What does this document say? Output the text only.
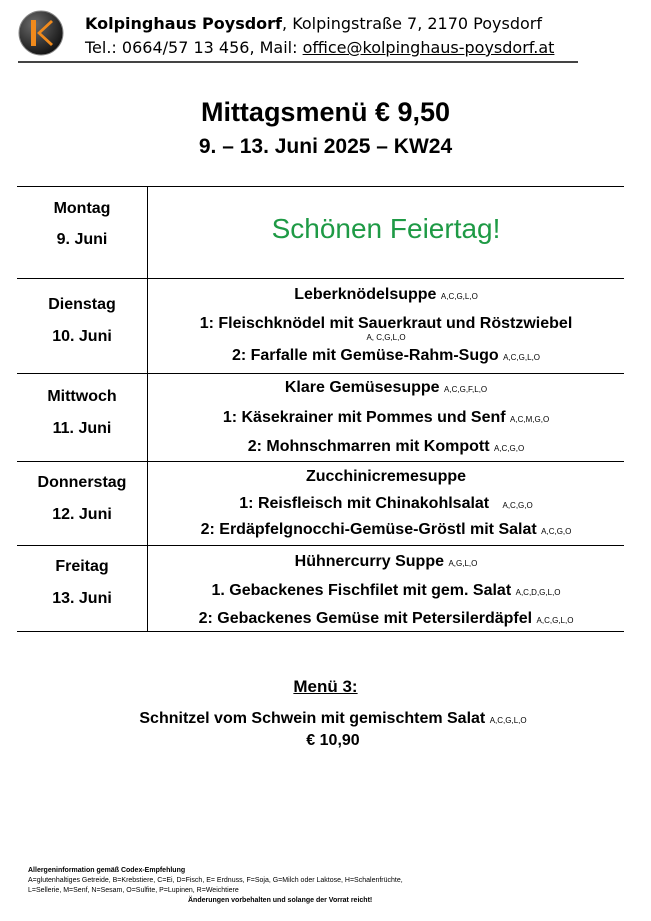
Kolpinghaus Poysdorf, Kolpingstraße 7, 2170 Poysdorf
Tel.: 0664/57 13 456, Mail: office@kolpinghaus-poysdorf.at
Mittagsmenü € 9,50
9. – 13. Juni 2025 – KW24
Montag
9. Juni	Schönen Feiertag!

Dienstag
10. Juni	Leberknödelsuppe A,C,G,L,O
1: Fleischknödel mit Sauerkraut und Röstzwiebel
A, C,G,L,O
2: Farfalle mit Gemüse-Rahm-Sugo A,C,G,L,O

Mittwoch
11. Juni	Klare Gemüsesuppe A,C,G,F,L,O
1: Käsekrainer mit Pommes und Senf A,C,M,G,O
2: Mohnschmarren mit Kompott A,C,G,O

Donnerstag
12. Juni	Zucchinicremesuppe
1: Reisfleisch mit Chinakohlsalat A,C,G,O
2: Erdäpfelgnocchi-Gemüse-Gröstl mit Salat A,C,G,O

Freitag
13. Juni	Hühnercurry Suppe A,G,L,O
1. Gebackenes Fischfilet mit gem. Salat A,C,D,G,L,O
2: Gebackenes Gemüse mit Petersilerdäpfel A,C,G,L,O
Menü 3:
Schnitzel vom Schwein mit gemischtem Salat A,C,G,L,O
€ 10,90
Allergeninformation gemäß Codex-Empfehlung
A=glutenhaltiges Getreide, B=Krebstiere, C=Ei, D=Fisch, E= Erdnuss, F=Soja, G=Milch oder Laktose, H=Schalenfrüchte,
L=Sellerie, M=Senf, N=Sesam, O=Sulfite, P=Lupinen, R=Weichtiere
Änderungen vorbehalten und solange der Vorrat reicht!
